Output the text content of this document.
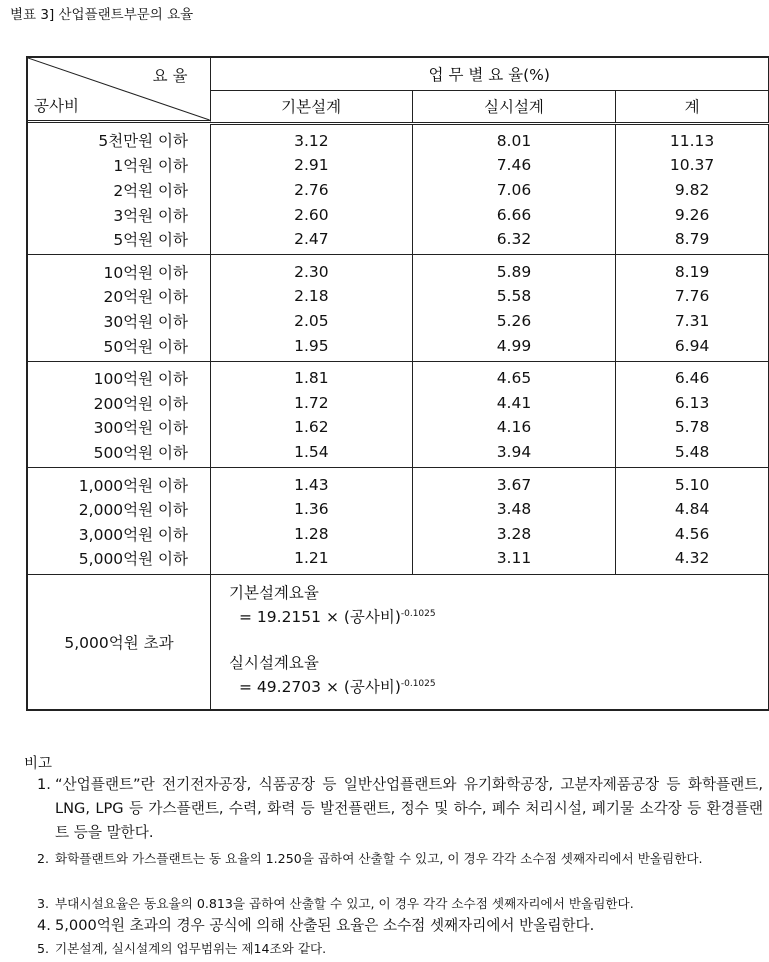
별표 3] 산업플랜트부문의 요율
요 율
공사비	업 무 별 요 율(%)		
	기본설계	실시설계	계
5천만원 이하	3.12	8.01	11.13
1억원 이하	2.91	7.46	10.37
2억원 이하	2.76	7.06	9.82
3억원 이하	2.60	6.66	9.26
5억원 이하	2.47	6.32	8.79
10억원 이하	2.30	5.89	8.19
20억원 이하	2.18	5.58	7.76
30억원 이하	2.05	5.26	7.31
50억원 이하	1.95	4.99	6.94
100억원 이하	1.81	4.65	6.46
200억원 이하	1.72	4.41	6.13
300억원 이하	1.62	4.16	5.78
500억원 이하	1.54	3.94	5.48
1,000억원 이하	1.43	3.67	5.10
2,000억원 이하	1.36	3.48	4.84
3,000억원 이하	1.28	3.28	4.56
5,000억원 이하	1.21	3.11	4.32
5,000억원 초과	기본설계요율
= 19.2151 × (공사비)$^{-0.1025}$
실시설계요율
= 49.2703 × (공사비)$^{-0.1025}$
비고
1. “산업플랜트”란 전기전자공장, 식품공장 등 일반산업플랜트와 유기화학공장, 고분자제품공장 등 화학플랜트, LNG, LPG 등 가스플랜트, 수력, 화력 등 발전플랜트, 정수 및 하수, 폐수 처리시설, 폐기물 소각장 등 환경플랜트 등을 말한다.
2. 화학플랜트와 가스플랜트는 동 요율의 1.250을 곱하여 산출할 수 있고, 이 경우 각각 소수점 셋째자리에서 반올림한다.
3. 부대시설요율은 동요율의 0.813을 곱하여 산출할 수 있고, 이 경우 각각 소수점 셋째자리에서 반올림한다.
4. 5,000억원 초과의 경우 공식에 의해 산출된 요율은 소수점 셋째자리에서 반올림한다.
5. 기본설계, 실시설계의 업무범위는 제14조와 같다.
